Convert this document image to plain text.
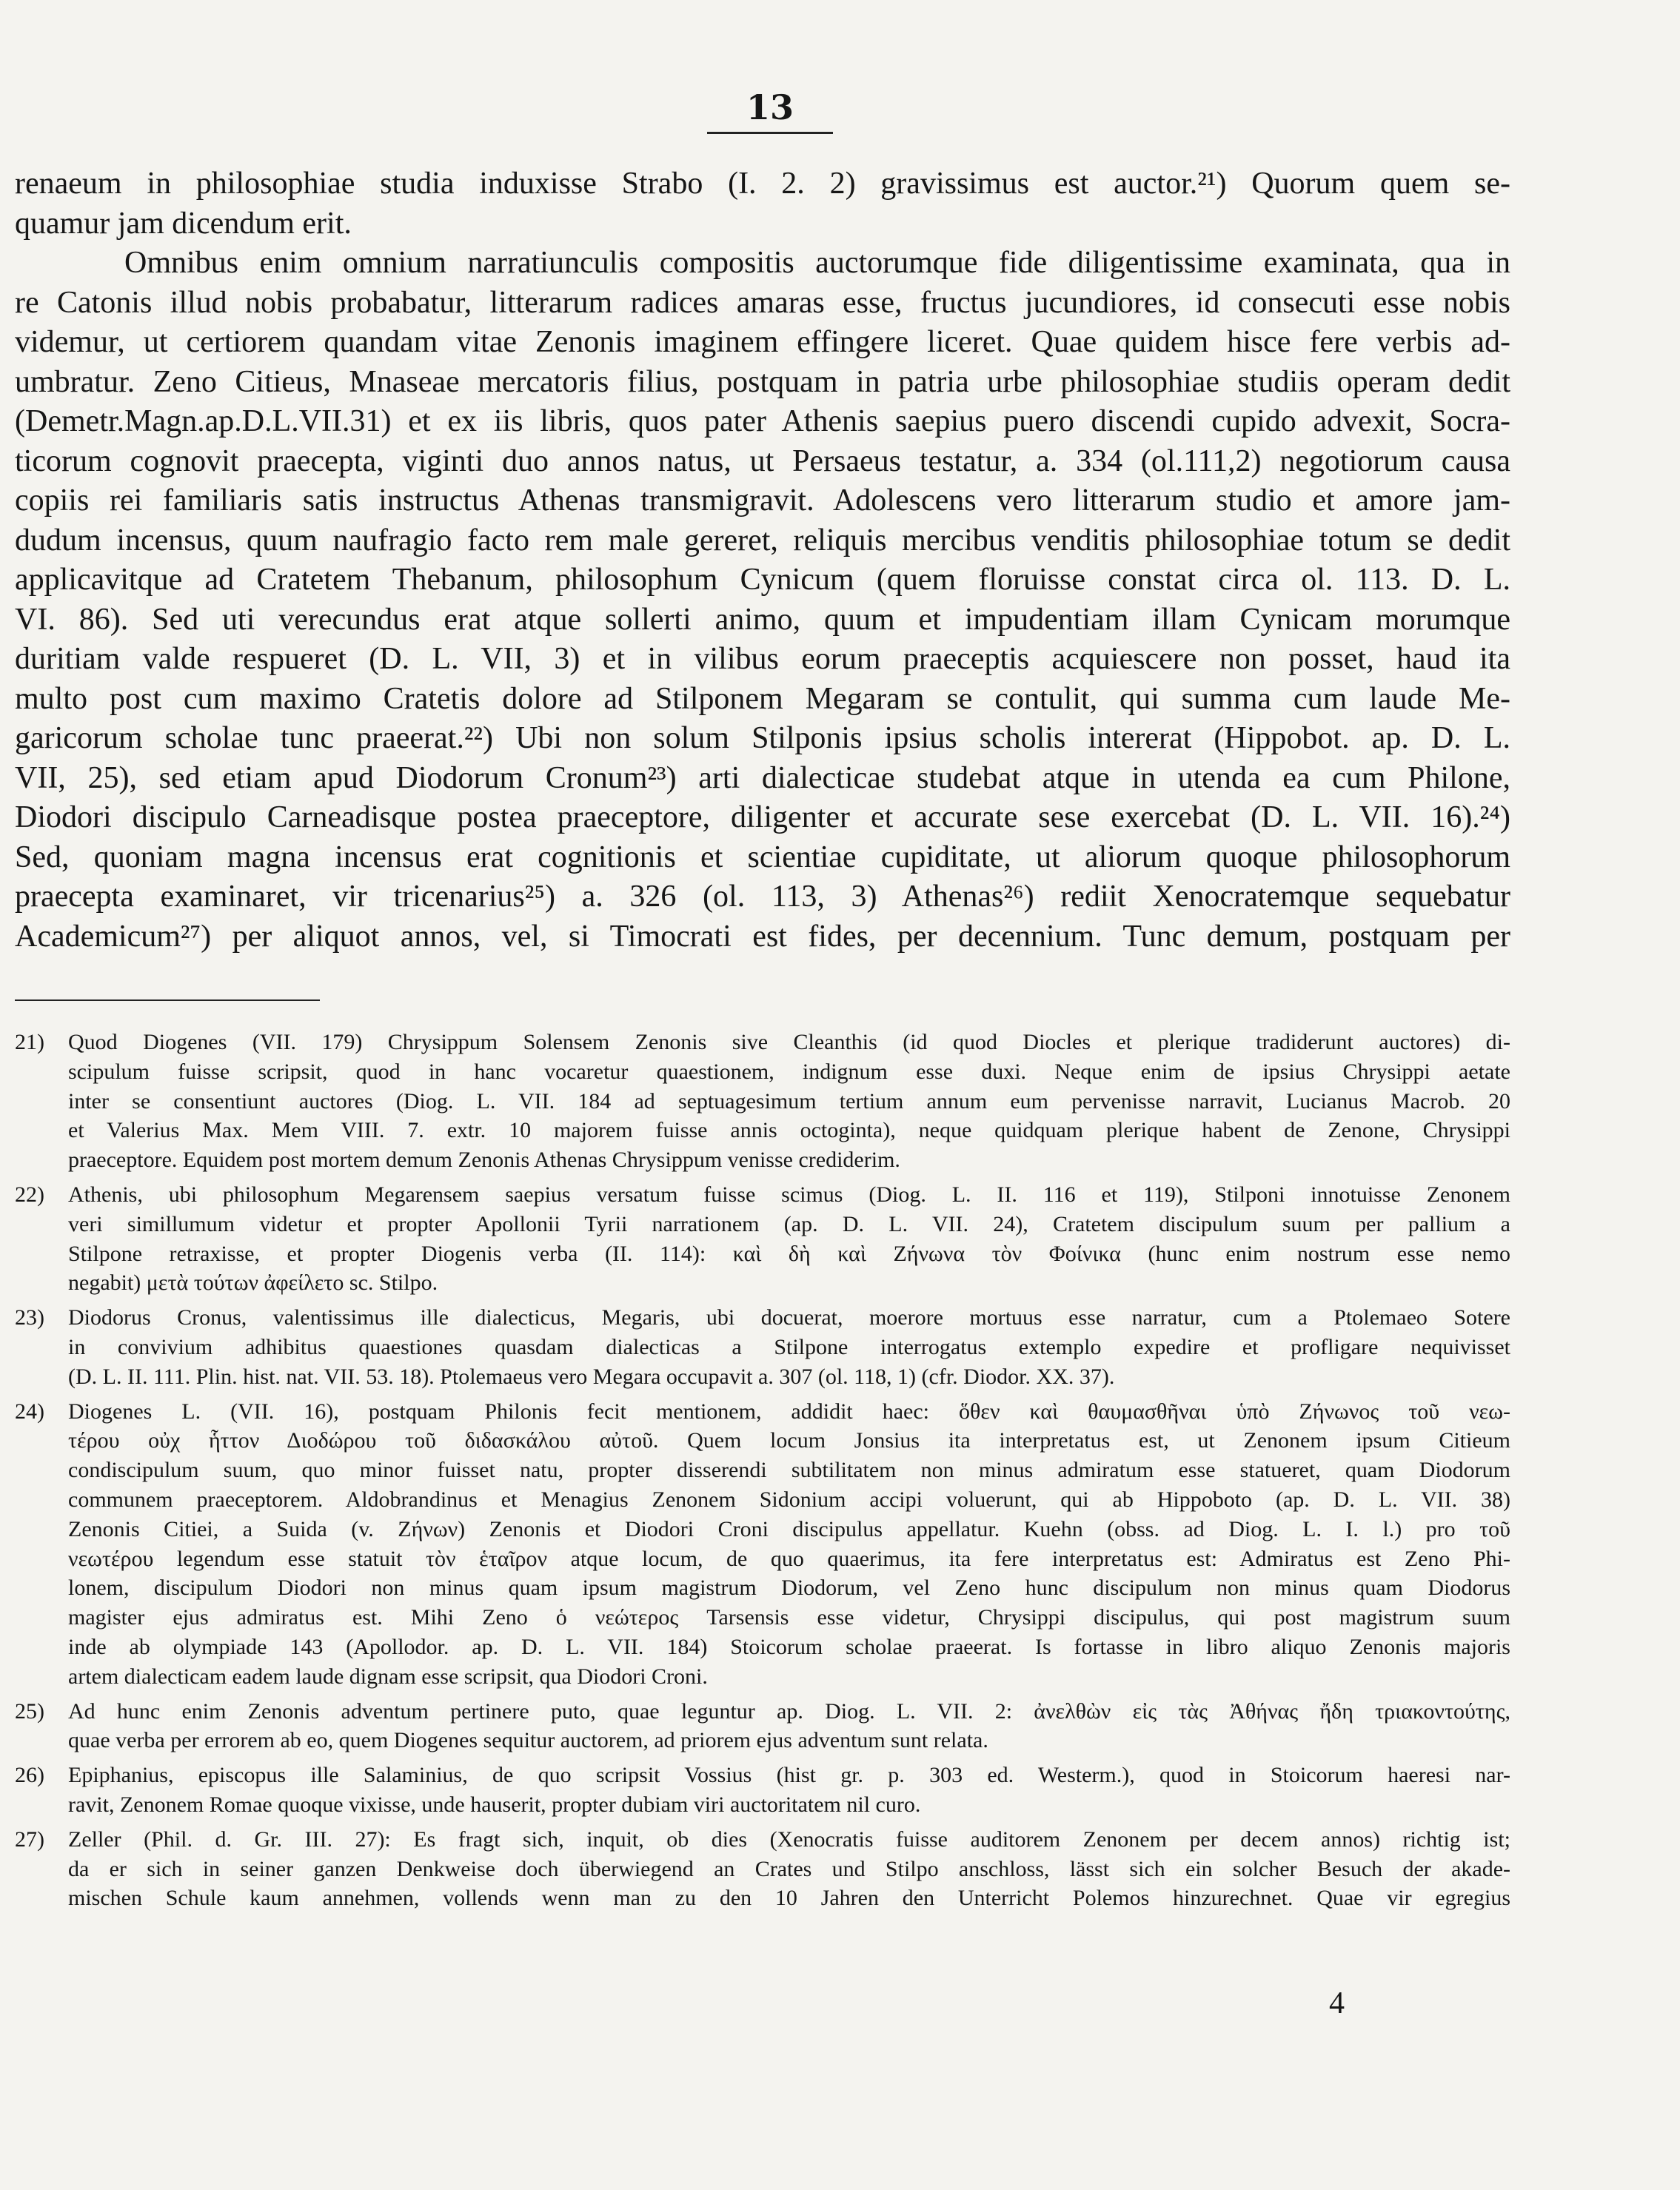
13
renaeum in philosophiae studia induxisse Strabo (I. 2. 2) gravissimus est auctor.²¹) Quorum quem se-
quamur jam dicendum erit.
Omnibus enim omnium narratiunculis compositis auctorumque fide diligentissime examinata, qua in
re Catonis illud nobis probabatur, litterarum radices amaras esse, fructus jucundiores, id consecuti esse nobis
videmur, ut certiorem quandam vitae Zenonis imaginem effingere liceret. Quae quidem hisce fere verbis ad-
umbratur. Zeno Citieus, Mnaseae mercatoris filius, postquam in patria urbe philosophiae studiis operam dedit
(Demetr.Magn.ap.D.L.VII.31) et ex iis libris, quos pater Athenis saepius puero discendi cupido advexit, Socra-
ticorum cognovit praecepta, viginti duo annos natus, ut Persaeus testatur, a. 334 (ol.111,2) negotiorum causa
copiis rei familiaris satis instructus Athenas transmigravit. Adolescens vero litterarum studio et amore jam-
dudum incensus, quum naufragio facto rem male gereret, reliquis mercibus venditis philosophiae totum se dedit
applicavitque ad Cratetem Thebanum, philosophum Cynicum (quem floruisse constat circa ol. 113. D. L.
VI. 86). Sed uti verecundus erat atque sollerti animo, quum et impudentiam illam Cynicam morumque
duritiam valde respueret (D. L. VII, 3) et in vilibus eorum praeceptis acquiescere non posset, haud ita
multo post cum maximo Cratetis dolore ad Stilponem Megaram se contulit, qui summa cum laude Me-
garicorum scholae tunc praeerat.²²) Ubi non solum Stilponis ipsius scholis intererat (Hippobot. ap. D. L.
VII, 25), sed etiam apud Diodorum Cronum²³) arti dialecticae studebat atque in utenda ea cum Philone,
Diodori discipulo Carneadisque postea praeceptore, diligenter et accurate sese exercebat (D. L. VII. 16).²⁴)
Sed, quoniam magna incensus erat cognitionis et scientiae cupiditate, ut aliorum quoque philosophorum
praecepta examinaret, vir tricenarius²⁵) a. 326 (ol. 113, 3) Athenas²⁶) rediit Xenocratemque sequebatur
Academicum²⁷) per aliquot annos, vel, si Timocrati est fides, per decennium. Tunc demum, postquam per
21)	Quod Diogenes (VII. 179) Chrysippum Solensem Zenonis sive Cleanthis (id quod Diocles et plerique tradiderunt auctores) di-
scipulum fuisse scripsit, quod in hanc vocaretur quaestionem, indignum esse duxi. Neque enim de ipsius Chrysippi aetate
inter se consentiunt auctores (Diog. L. VII. 184 ad septuagesimum tertium annum eum pervenisse narravit, Lucianus Macrob. 20
et Valerius Max. Mem VIII. 7. extr. 10 majorem fuisse annis octoginta), neque quidquam plerique habent de Zenone, Chrysippi
praeceptore. Equidem post mortem demum Zenonis Athenas Chrysippum venisse crediderim.
22)	Athenis, ubi philosophum Megarensem saepius versatum fuisse scimus (Diog. L. II. 116 et 119), Stilponi innotuisse Zenonem
veri simillumum videtur et propter Apollonii Tyrii narrationem (ap. D. L. VII. 24), Cratetem discipulum suum per pallium a
Stilpone retraxisse, et propter Diogenis verba (II. 114): καὶ δὴ καὶ Ζήνωνα τὸν Φοίνικα (hunc enim nostrum esse nemo
negabit) μετὰ τούτων ἀφείλετο sc. Stilpo.
23)	Diodorus Cronus, valentissimus ille dialecticus, Megaris, ubi docuerat, moerore mortuus esse narratur, cum a Ptolemaeo Sotere
in convivium adhibitus quaestiones quasdam dialecticas a Stilpone interrogatus extemplo expedire et profligare nequivisset
(D. L. II. 111. Plin. hist. nat. VII. 53. 18). Ptolemaeus vero Megara occupavit a. 307 (ol. 118, 1) (cfr. Diodor. XX. 37).
24)	Diogenes L. (VII. 16), postquam Philonis fecit mentionem, addidit haec: ὅθεν καὶ θαυμασθῆναι ὑπὸ Ζήνωνος τοῦ νεω-
τέρου οὐχ ἧττον Διοδώρου τοῦ διδασκάλου αὐτοῦ. Quem locum Jonsius ita interpretatus est, ut Zenonem ipsum Citieum
condiscipulum suum, quo minor fuisset natu, propter disserendi subtilitatem non minus admiratum esse statueret, quam Diodorum
communem praeceptorem. Aldobrandinus et Menagius Zenonem Sidonium accipi voluerunt, qui ab Hippoboto (ap. D. L. VII. 38)
Zenonis Citiei, a Suida (v. Ζήνων) Zenonis et Diodori Croni discipulus appellatur. Kuehn (obss. ad Diog. L. I. l.) pro τοῦ
νεωτέρου legendum esse statuit τὸν ἑταῖρον atque locum, de quo quaerimus, ita fere interpretatus est: Admiratus est Zeno Phi-
lonem, discipulum Diodori non minus quam ipsum magistrum Diodorum, vel Zeno hunc discipulum non minus quam Diodorus
magister ejus admiratus est. Mihi Zeno ὁ νεώτερος Tarsensis esse videtur, Chrysippi discipulus, qui post magistrum suum
inde ab olympiade 143 (Apollodor. ap. D. L. VII. 184) Stoicorum scholae praeerat. Is fortasse in libro aliquo Zenonis majoris
artem dialecticam eadem laude dignam esse scripsit, qua Diodori Croni.
25)	Ad hunc enim Zenonis adventum pertinere puto, quae leguntur ap. Diog. L. VII. 2: ἀνελθὼν εἰς τὰς Ἀθήνας ἤδη τριακοντούτης,
quae verba per errorem ab eo, quem Diogenes sequitur auctorem, ad priorem ejus adventum sunt relata.
26)	Epiphanius, episcopus ille Salaminius, de quo scripsit Vossius (hist gr. p. 303 ed. Westerm.), quod in Stoicorum haeresi nar-
ravit, Zenonem Romae quoque vixisse, unde hauserit, propter dubiam viri auctoritatem nil curo.
27)	Zeller (Phil. d. Gr. III. 27): Es fragt sich, inquit, ob dies (Xenocratis fuisse auditorem Zenonem per decem annos) richtig ist;
da er sich in seiner ganzen Denkweise doch überwiegend an Crates und Stilpo anschloss, lässt sich ein solcher Besuch der akade-
mischen Schule kaum annehmen, vollends wenn man zu den 10 Jahren den Unterricht Polemos hinzurechnet. Quae vir egregius
4
